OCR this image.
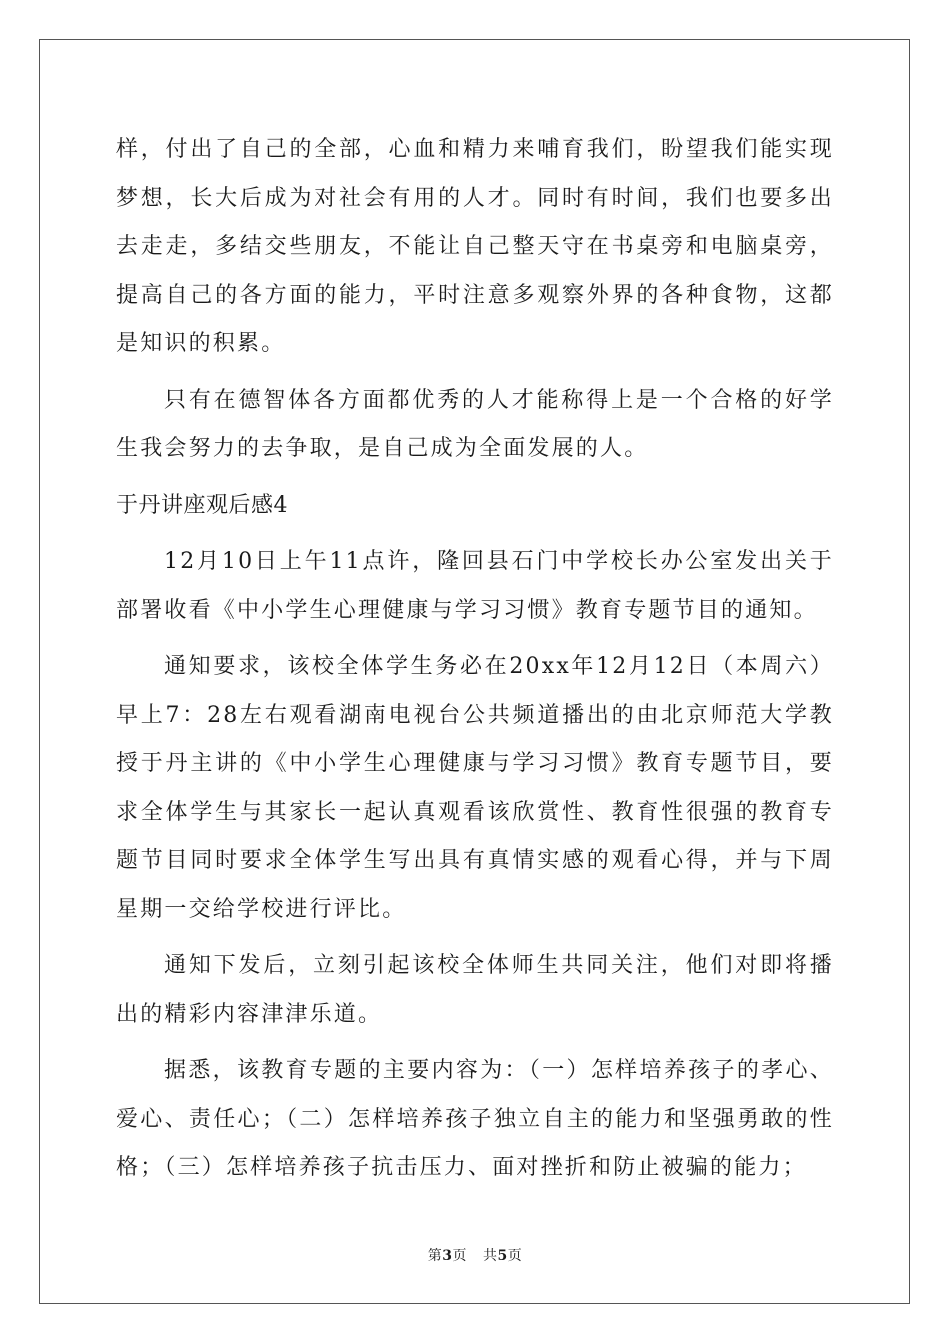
样，付出了自己的全部，心血和精力来哺育我们，盼望我们能实现梦想，长大后成为对社会有用的人才。同时有时间，我们也要多出去走走，多结交些朋友，不能让自己整天守在书桌旁和电脑桌旁，提高自己的各方面的能力，平时注意多观察外界的各种食物，这都是知识的积累。

只有在德智体各方面都优秀的人才能称得上是一个合格的好学生我会努力的去争取，是自己成为全面发展的人。

于丹讲座观后感4

12月10日上午11点许，隆回县石门中学校长办公室发出关于部署收看《中小学生心理健康与学习习惯》教育专题节目的通知。

通知要求，该校全体学生务必在20xx年12月12日（本周六）早上7：28左右观看湖南电视台公共频道播出的由北京师范大学教授于丹主讲的《中小学生心理健康与学习习惯》教育专题节目，要求全体学生与其家长一起认真观看该欣赏性、教育性很强的教育专题节目同时要求全体学生写出具有真情实感的观看心得，并与下周星期一交给学校进行评比。

通知下发后，立刻引起该校全体师生共同关注，他们对即将播出的精彩内容津津乐道。

据悉，该教育专题的主要内容为：（一）怎样培养孩子的孝心、爱心、责任心；（二）怎样培养孩子独立自主的能力和坚强勇敢的性格；（三）怎样培养孩子抗击压力、面对挫折和防止被骗的能力；

第3页 共5页
